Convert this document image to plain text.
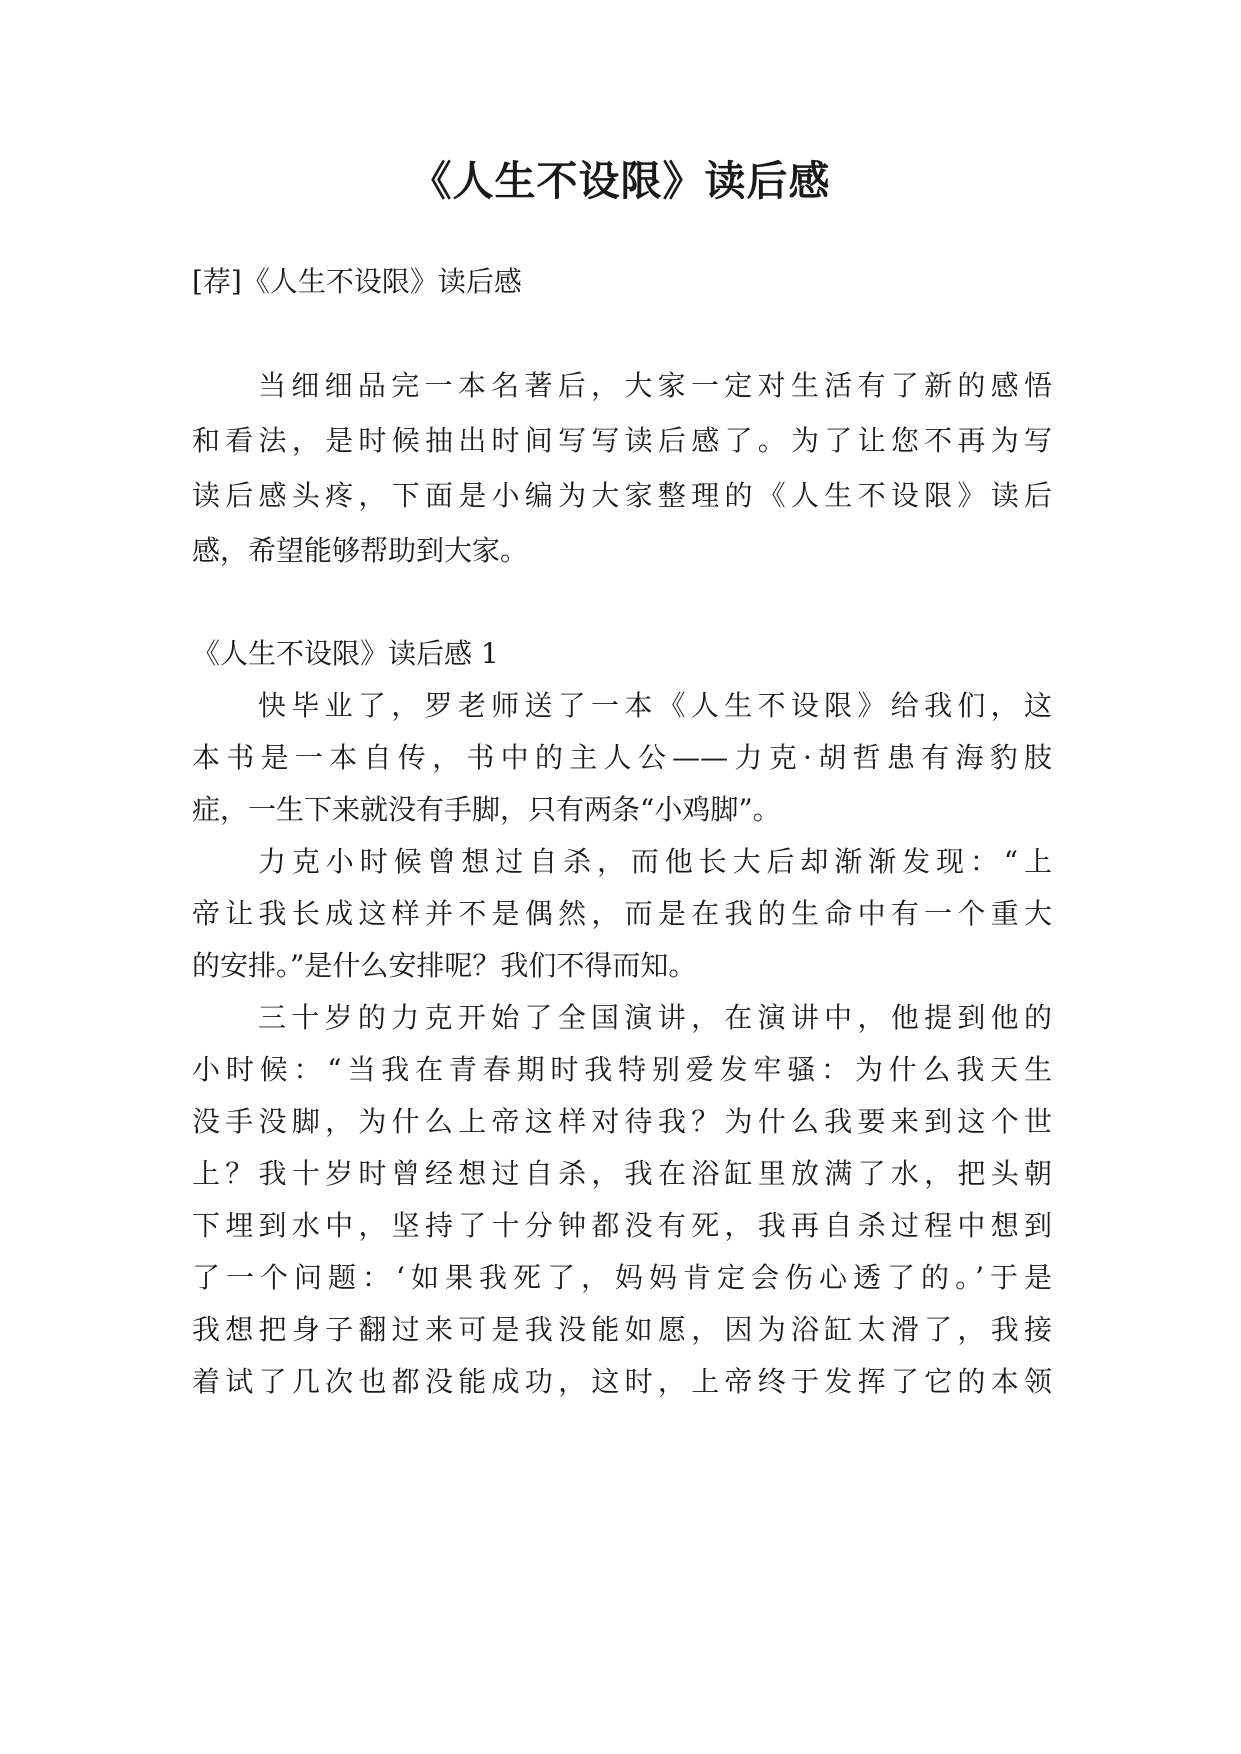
《人生不设限》读后感
[荐]《人生不设限》读后感
当细细品完一本名著后，大家一定对生活有了新的感悟
和看法，是时候抽出时间写写读后感了。为了让您不再为写
读后感头疼，下面是小编为大家整理的《人生不设限》读后
感，希望能够帮助到大家。
《人生不设限》读后感 1
快毕业了，罗老师送了一本《人生不设限》给我们，这
本书是一本自传，书中的主人公——力克·胡哲患有海豹肢
症，一生下来就没有手脚，只有两条“小鸡脚”。
力克小时候曾想过自杀，而他长大后却渐渐发现：“上
帝让我长成这样并不是偶然，而是在我的生命中有一个重大
的安排。”是什么安排呢？我们不得而知。
三十岁的力克开始了全国演讲，在演讲中，他提到他的
小时候：“当我在青春期时我特别爱发牢骚：为什么我天生
没手没脚，为什么上帝这样对待我？为什么我要来到这个世
上？我十岁时曾经想过自杀，我在浴缸里放满了水，把头朝
下埋到水中，坚持了十分钟都没有死，我再自杀过程中想到
了一个问题：‘如果我死了，妈妈肯定会伤心透了的。’于是
我想把身子翻过来可是我没能如愿，因为浴缸太滑了，我接
着试了几次也都没能成功，这时，上帝终于发挥了它的本领
